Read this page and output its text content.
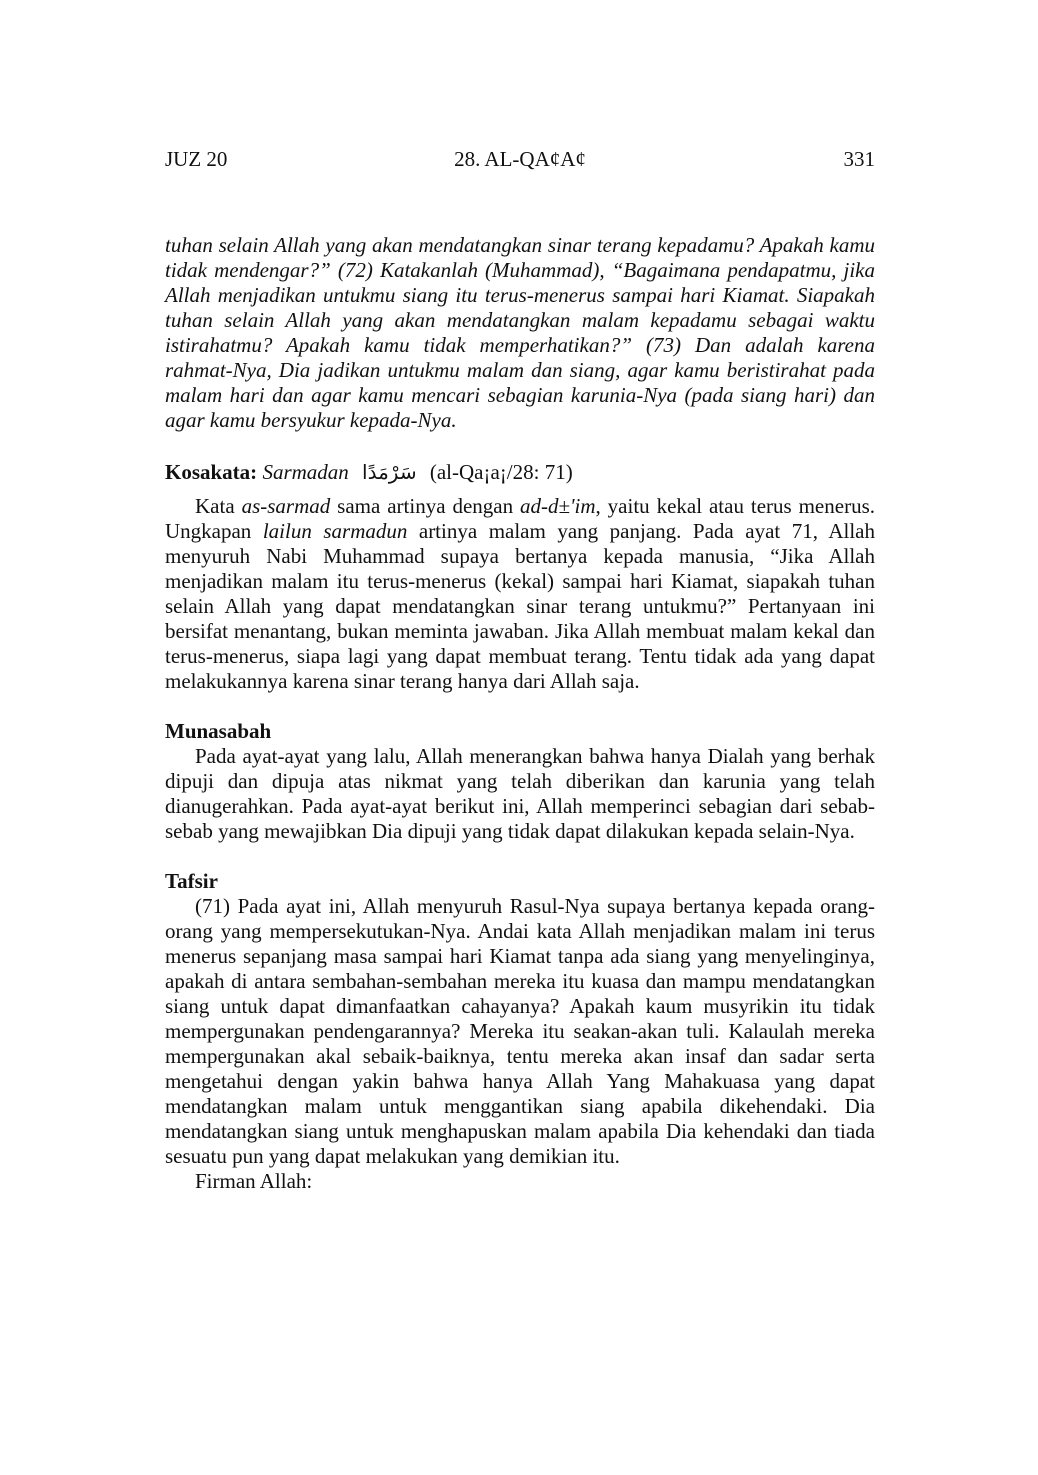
JUZ 20	28. AL-QA¢A¢	331

tuhan selain Allah yang akan mendatangkan sinar terang kepadamu? Apakah kamu tidak mendengar?” (72) Katakanlah (Muhammad), “Bagaimana pendapatmu, jika Allah menjadikan untukmu siang itu terus-menerus sampai hari Kiamat. Siapakah tuhan selain Allah yang akan mendatangkan malam kepadamu sebagai waktu istirahatmu? Apakah kamu tidak memperhatikan?” (73) Dan adalah karena rahmat-Nya, Dia jadikan untukmu malam dan siang, agar kamu beristirahat pada malam hari dan agar kamu mencari sebagian karunia-Nya (pada siang hari) dan agar kamu bersyukur kepada-Nya.

Kosakata: Sarmadan سَرْمَدًا (al-Qa¡a¡/28: 71)

Kata as-sarmad sama artinya dengan ad-d±'im, yaitu kekal atau terus menerus. Ungkapan lailun sarmadun artinya malam yang panjang. Pada ayat 71, Allah menyuruh Nabi Muhammad supaya bertanya kepada manusia, “Jika Allah menjadikan malam itu terus-menerus (kekal) sampai hari Kiamat, siapakah tuhan selain Allah yang dapat mendatangkan sinar terang untukmu?” Pertanyaan ini bersifat menantang, bukan meminta jawaban. Jika Allah membuat malam kekal dan terus-menerus, siapa lagi yang dapat membuat terang. Tentu tidak ada yang dapat melakukannya karena sinar terang hanya dari Allah saja.

Munasabah

Pada ayat-ayat yang lalu, Allah menerangkan bahwa hanya Dialah yang berhak dipuji dan dipuja atas nikmat yang telah diberikan dan karunia yang telah dianugerahkan. Pada ayat-ayat berikut ini, Allah memperinci sebagian dari sebab-sebab yang mewajibkan Dia dipuji yang tidak dapat dilakukan kepada selain-Nya.

Tafsir

(71) Pada ayat ini, Allah menyuruh Rasul-Nya supaya bertanya kepada orang-orang yang mempersekutukan-Nya. Andai kata Allah menjadikan malam ini terus menerus sepanjang masa sampai hari Kiamat tanpa ada siang yang menyelinginya, apakah di antara sembahan-sembahan mereka itu kuasa dan mampu mendatangkan siang untuk dapat dimanfaatkan cahayanya? Apakah kaum musyrikin itu tidak mempergunakan pendengarannya? Mereka itu seakan-akan tuli. Kalaulah mereka mempergunakan akal sebaik-baiknya, tentu mereka akan insaf dan sadar serta mengetahui dengan yakin bahwa hanya Allah Yang Mahakuasa yang dapat mendatangkan malam untuk menggantikan siang apabila dikehendaki. Dia mendatangkan siang untuk menghapuskan malam apabila Dia kehendaki dan tiada sesuatu pun yang dapat melakukan yang demikian itu.

Firman Allah:
